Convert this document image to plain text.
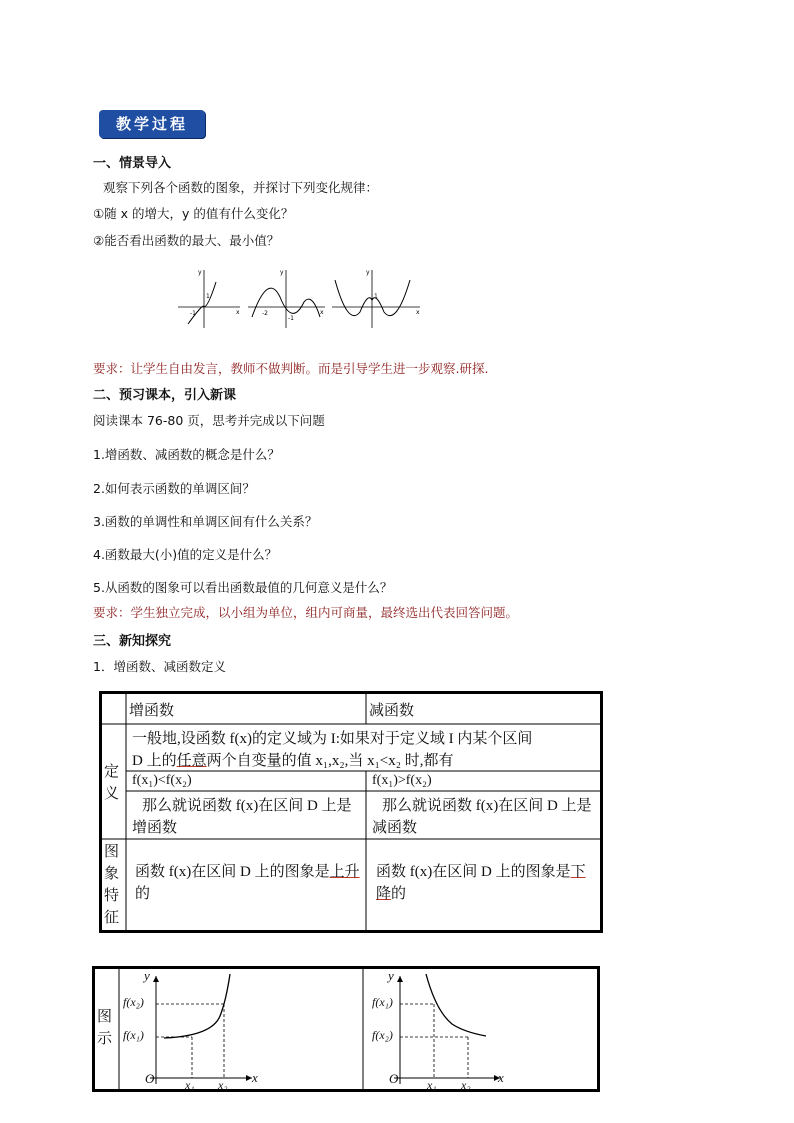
教学过程
一、情景导入
观察下列各个函数的图象，并探讨下列变化规律：
①随 x 的增大，y 的值有什么变化？
②能否看出函数的最大、最小值？
y
x
1
-1
y
x
-2
-1
y
x
1
要求：让学生自由发言，教师不做判断。而是引导学生进一步观察.研探.
二、预习课本，引入新课
阅读课本 76-80 页，思考并完成以下问题
1.增函数、减函数的概念是什么？
2.如何表示函数的单调区间？
3.函数的单调性和单调区间有什么关系？
4.函数最大(小)值的定义是什么？
5.从函数的图象可以看出函数最值的几何意义是什么？
要求：学生独立完成，以小组为单位，组内可商量，最终选出代表回答问题。
三、新知探究
1．增函数、减函数定义
增函数	减函数
定
义
一般地,设函数 f(x)的定义域为 I:如果对于定义域 I 内某个区间
D 上的任意两个自变量的值 x₁,x₂,当 x₁<x₂ 时,都有
f(x₁)<f(x₂)	f(x₁)>f(x₂)
那么就说函数 f(x)在区间 D 上是增函数
那么就说函数 f(x)在区间 D 上是减函数
图
象
特
征
函数 f(x)在区间 D 上的图象是上升的
函数 f(x)在区间 D 上的图象是下降的
图
示
y
x
O
f(x₂)
f(x₁)
x₁ x₂
y
x
O
f(x₁)
f(x₂)
x₁ x₂
